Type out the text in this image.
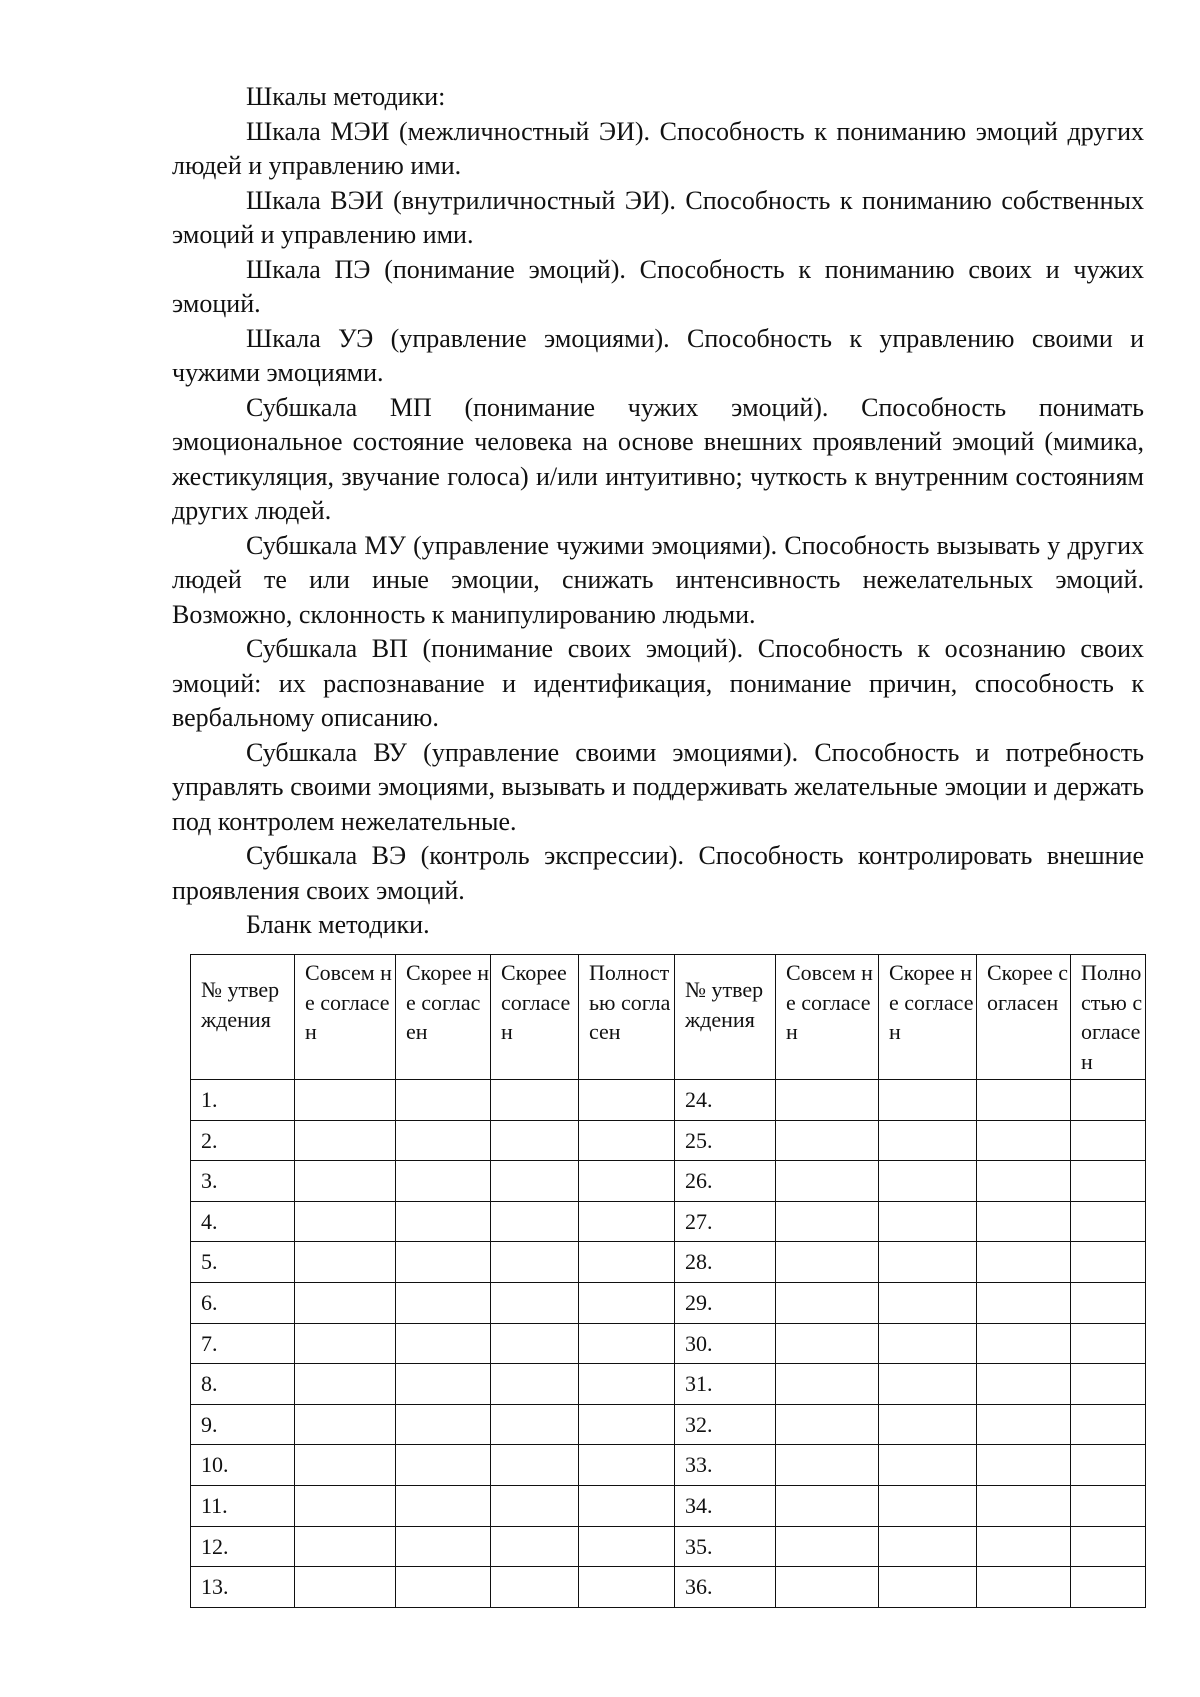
Шкалы методики:

Шкала МЭИ (межличностный ЭИ). Способность к пониманию эмоций других людей и управлению ими.

Шкала ВЭИ (внутриличностный ЭИ). Способность к пониманию собственных эмоций и управлению ими.

Шкала ПЭ (понимание эмоций). Способность к пониманию своих и чужих эмоций.

Шкала УЭ (управление эмоциями). Способность к управлению своими и чужими эмоциями.

Субшкала МП (понимание чужих эмоций). Способность понимать эмоциональное состояние человека на основе внешних проявлений эмоций (мимика, жестикуляция, звучание голоса) и/или интуитивно; чуткость к внутренним состояниям других людей.

Субшкала МУ (управление чужими эмоциями). Способность вызывать у других людей те или иные эмоции, снижать интенсивность нежелательных эмоций. Возможно, склонность к манипулированию людьми.

Субшкала ВП (понимание своих эмоций). Способность к осознанию своих эмоций: их распознавание и идентификация, понимание причин, способность к вербальному описанию.

Субшкала ВУ (управление своими эмоциями). Способность и потребность управлять своими эмоциями, вызывать и поддерживать желательные эмоции и держать под контролем нежелательные.

Субшкала ВЭ (контроль экспрессии). Способность контролировать внешние проявления своих эмоций.

Бланк методики.

№ утверждения	Совсем не согласен	Скорее не согласен	Скорее согласен	Полностью согласен	№ утверждения	Совсем не согласен	Скорее не согласен	Скорее согласен	Полностью согласен
1.					24.				
2.					25.				
3.					26.				
4.					27.				
5.					28.				
6.					29.				
7.					30.				
8.					31.				
9.					32.				
10.					33.				
11.					34.				
12.					35.				
13.					36.				
